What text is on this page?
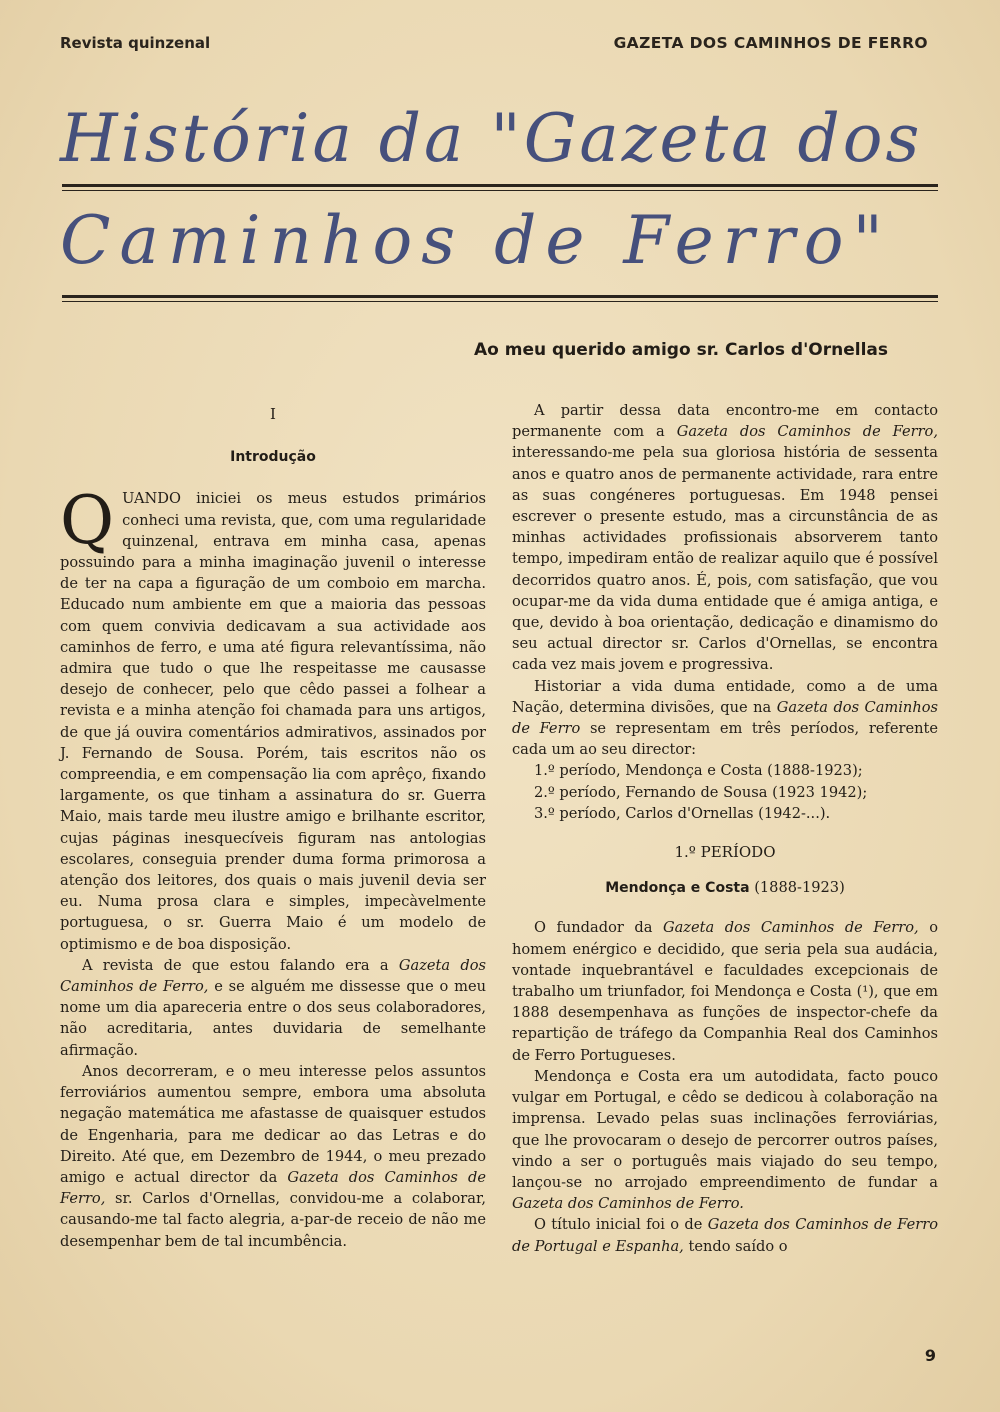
Revista quinzenal	GAZETA DOS CAMINHOS DE FERRO
História da "Gazeta dos
Caminhos de Ferro"
Ao meu querido amigo sr. Carlos d'Ornellas
I
Introdução

QUANDO iniciei os meus estudos primários conheci uma revista, que, com uma regularidade quinzenal, entrava em minha casa, apenas possuindo para a minha imaginação juvenil o interesse de ter na capa a figuração de um comboio em marcha. Educado num ambiente em que a maioria das pessoas com quem convivia dedicavam a sua actividade aos caminhos de ferro, e uma até figura relevantíssima, não admira que tudo o que lhe respeitasse me causasse desejo de conhecer, pelo que cêdo passei a folhear a revista e a minha atenção foi chamada para uns artigos, de que já ouvira comentários admirativos, assinados por J. Fernando de Sousa. Porém, tais escritos não os compreendia, e em compensação lia com aprêço, fixando largamente, os que tinham a assinatura do sr. Guerra Maio, mais tarde meu ilustre amigo e brilhante escritor, cujas páginas inesquecíveis figuram nas antologias escolares, conseguia prender duma forma primorosa a atenção dos leitores, dos quais o mais juvenil devia ser eu. Numa prosa clara e simples, impecàvelmente portuguesa, o sr. Guerra Maio é um modelo de optimismo e de boa disposição.

A revista de que estou falando era a Gazeta dos Caminhos de Ferro, e se alguém me dissesse que o meu nome um dia apareceria entre o dos seus colaboradores, não acreditaria, antes duvidaria de semelhante afirmação.

Anos decorreram, e o meu interesse pelos assuntos ferroviários aumentou sempre, embora uma absoluta negação matemática me afastasse de quaisquer estudos de Engenharia, para me dedicar ao das Letras e do Direito. Até que, em Dezembro de 1944, o meu prezado amigo e actual director da Gazeta dos Caminhos de Ferro, sr. Carlos d'Ornellas, convidou-me a colaborar, causando-me tal facto alegria, a-par-de receio de não me desempenhar bem de tal incumbência.

A partir dessa data encontro-me em contacto permanente com a Gazeta dos Caminhos de Ferro, interessando-me pela sua gloriosa história de sessenta anos e quatro anos de permanente actividade, rara entre as suas congéneres portuguesas. Em 1948 pensei escrever o presente estudo, mas a circunstância de as minhas actividades profissionais absorverem tanto tempo, impediram então de realizar aquilo que é possível decorridos quatro anos. É, pois, com satisfação, que vou ocupar-me da vida duma entidade que é amiga antiga, e que, devido à boa orientação, dedicação e dinamismo do seu actual director sr. Carlos d'Ornellas, se encontra cada vez mais jovem e progressiva.

Historiar a vida duma entidade, como a de uma Nação, determina divisões, que na Gazeta dos Caminhos de Ferro se representam em três períodos, referente cada um ao seu director:

1.º período, Mendonça e Costa (1888-1923);
2.º período, Fernando de Sousa (1923 1942);
3.º período, Carlos d'Ornellas (1942-...).
1.º PERÍODO
Mendonça e Costa (1888-1923)

O fundador da Gazeta dos Caminhos de Ferro, o homem enérgico e decidido, que seria pela sua audácia, vontade inquebrantável e faculdades excepcionais de trabalho um triunfador, foi Mendonça e Costa (¹), que em 1888 desempenhava as funções de inspector-chefe da repartição de tráfego da Companhia Real dos Caminhos de Ferro Portugueses.

Mendonça e Costa era um autodidata, facto pouco vulgar em Portugal, e cêdo se dedicou à colaboração na imprensa. Levado pelas suas inclinações ferroviárias, que lhe provocaram o desejo de percorrer outros países, vindo a ser o português mais viajado do seu tempo, lançou-se no arrojado empreendimento de fundar a Gazeta dos Caminhos de Ferro.

O título inicial foi o de Gazeta dos Caminhos de Ferro de Portugal e Espanha, tendo saído o

9
